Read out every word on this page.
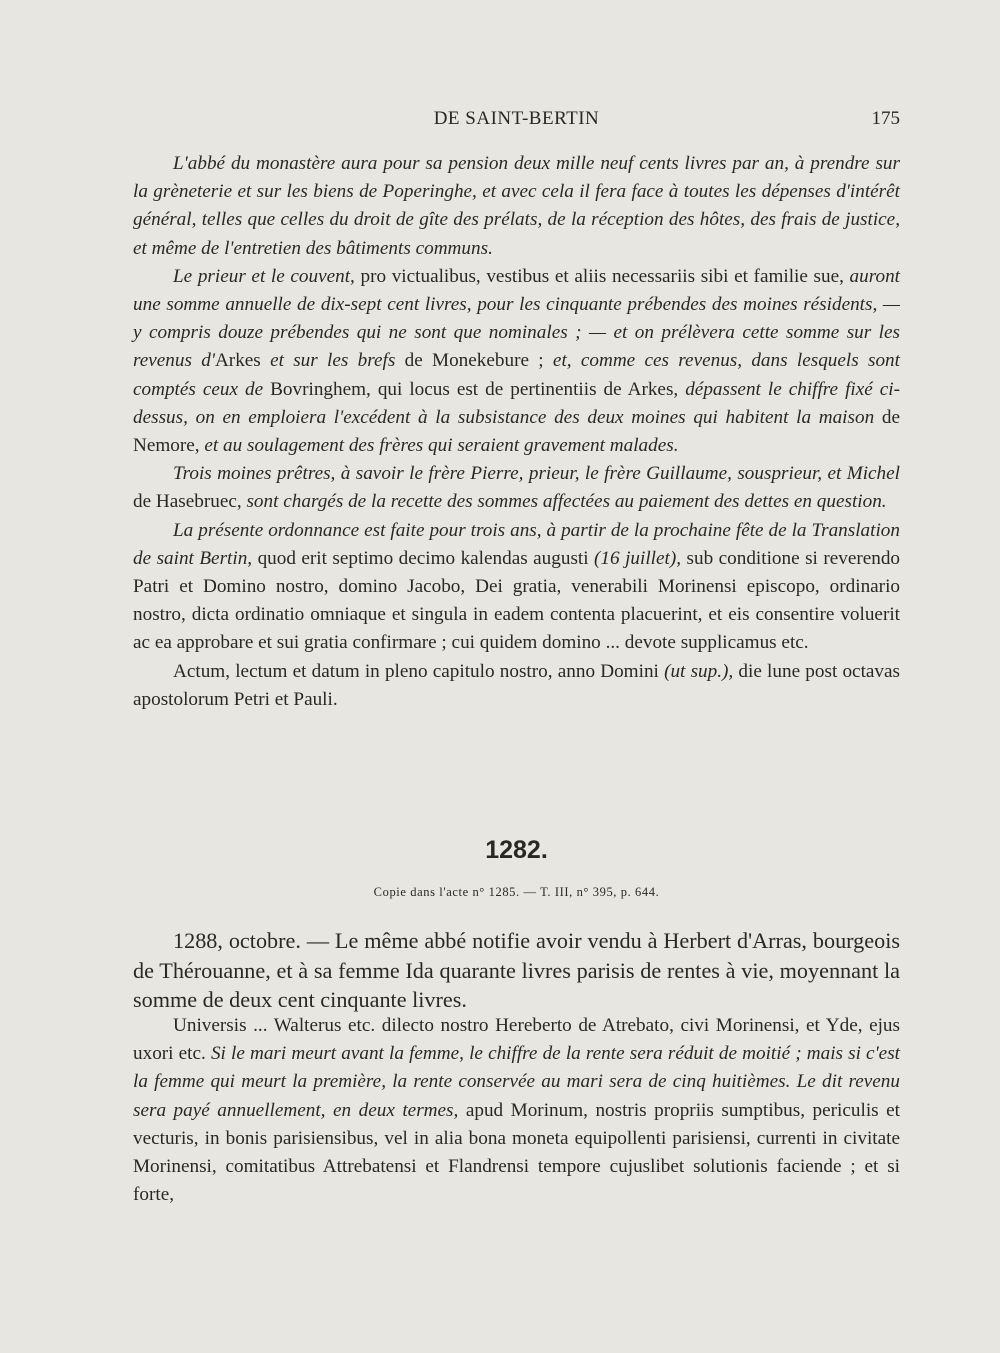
DE SAINT-BERTIN	175

L'abbé du monastère aura pour sa pension deux mille neuf cents livres par an, à prendre sur la grèneterie et sur les biens de Poperinghe, et avec cela il fera face à toutes les dépenses d'intérêt général, telles que celles du droit de gîte des prélats, de la réception des hôtes, des frais de justice, et même de l'entretien des bâtiments communs.

Le prieur et le couvent, pro victualibus, vestibus et aliis necessariis sibi et familie sue, auront une somme annuelle de dix-sept cent livres, pour les cinquante prébendes des moines résidents, — y compris douze prébendes qui ne sont que nominales ; — et on prélèvera cette somme sur les revenus d'Arkes et sur les brefs de Monekebure ; et, comme ces revenus, dans lesquels sont comptés ceux de Bovringhem, qui locus est de pertinentiis de Arkes, dépassent le chiffre fixé ci-dessus, on en emploiera l'excédent à la subsistance des deux moines qui habitent la maison de Nemore, et au soulagement des frères qui seraient gravement malades.

Trois moines prêtres, à savoir le frère Pierre, prieur, le frère Guillaume, sousprieur, et Michel de Hasebruec, sont chargés de la recette des sommes affectées au paiement des dettes en question.

La présente ordonnance est faite pour trois ans, à partir de la prochaine fête de la Translation de saint Bertin, quod erit septimo decimo kalendas augusti (16 juillet), sub conditione si reverendo Patri et Domino nostro, domino Jacobo, Dei gratia, venerabili Morinensi episcopo, ordinario nostro, dicta ordinatio omniaque et singula in eadem contenta placuerint, et eis consentire voluerit ac ea approbare et sui gratia confirmare ; cui quidem domino ... devote supplicamus etc.

Actum, lectum et datum in pleno capitulo nostro, anno Domini (ut sup.), die lune post octavas apostolorum Petri et Pauli.

1282.
Copie dans l'acte n° 1285. — T. III, n° 395, p. 644.

1288, octobre. — Le même abbé notifie avoir vendu à Herbert d'Arras, bourgeois de Thérouanne, et à sa femme Ida quarante livres parisis de rentes à vie, moyennant la somme de deux cent cinquante livres.

Universis ... Walterus etc. dilecto nostro Hereberto de Atrebato, civi Morinensi, et Yde, ejus uxori etc. Si le mari meurt avant la femme, le chiffre de la rente sera réduit de moitié ; mais si c'est la femme qui meurt la première, la rente conservée au mari sera de cinq huitièmes. Le dit revenu sera payé annuellement, en deux termes, apud Morinum, nostris propriis sumptibus, periculis et vecturis, in bonis parisiensibus, vel in alia bona moneta equipollenti parisiensi, currenti in civitate Morinensi, comitatibus Attrebatensi et Flandrensi tempore cujuslibet solutionis faciende ; et si forte,
